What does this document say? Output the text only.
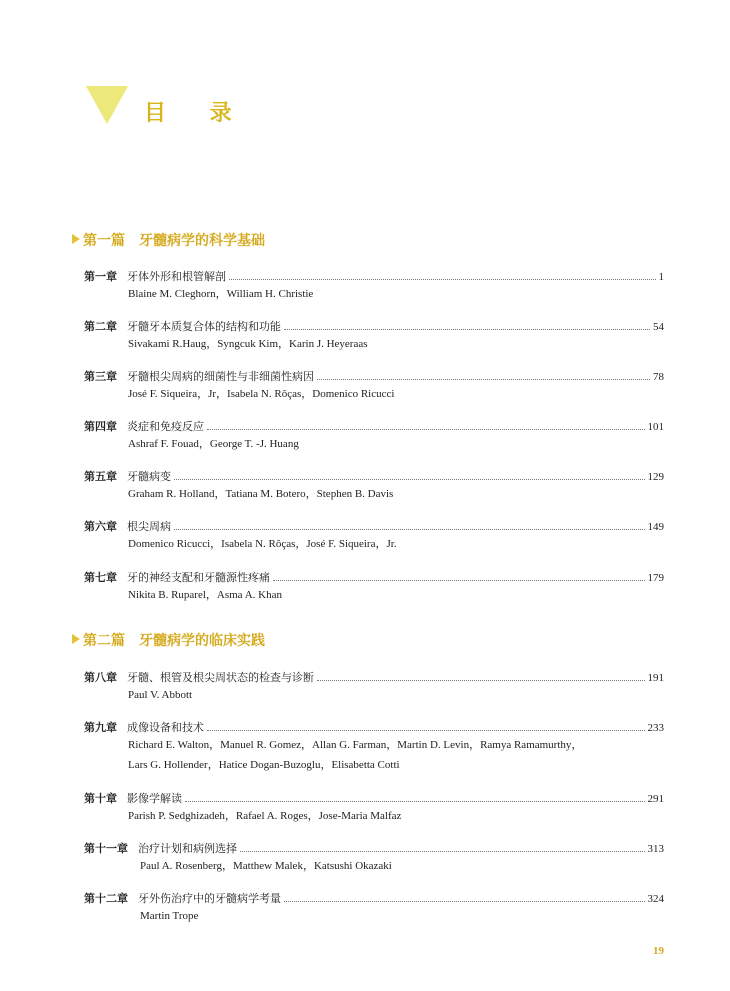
目 录
第一篇 牙髓病学的科学基础
第一章 牙体外形和根管解剖	1
Blaine M. Cleghorn，William H. Christie
第二章 牙髓牙本质复合体的结构和功能	54
Sivakami R.Haug，Syngcuk Kim，Karin J. Heyeraas
第三章 牙髓根尖周病的细菌性与非细菌性病因	78
José F. Siqueira，Jr，Isabela N. Rôças，Domenico Ricucci
第四章 炎症和免疫反应	101
Ashraf F. Fouad，George T. -J. Huang
第五章 牙髓病变	129
Graham R. Holland，Tatiana M. Botero，Stephen B. Davis
第六章 根尖周病	149
Domenico Ricucci，Isabela N. Rôças，José F. Siqueira，Jr.
第七章 牙的神经支配和牙髓源性疼痛	179
Nikita B. Ruparel，Asma A. Khan
第二篇 牙髓病学的临床实践
第八章 牙髓、根管及根尖周状态的检查与诊断	191
Paul V. Abbott
第九章 成像设备和技术	233
Richard E. Walton，Manuel R. Gomez，Allan G. Farman，Martin D. Levin，Ramya Ramamurthy，
Lars G. Hollender，Hatice Dogan-Buzoglu，Elisabetta Cotti
第十章 影像学解读	291
Parish P. Sedghizadeh，Rafael A. Roges，Jose-Maria Malfaz
第十一章 治疗计划和病例选择	313
Paul A. Rosenberg，Matthew Malek，Katsushi Okazaki
第十二章 牙外伤治疗中的牙髓病学考量	324
Martin Trope
19
